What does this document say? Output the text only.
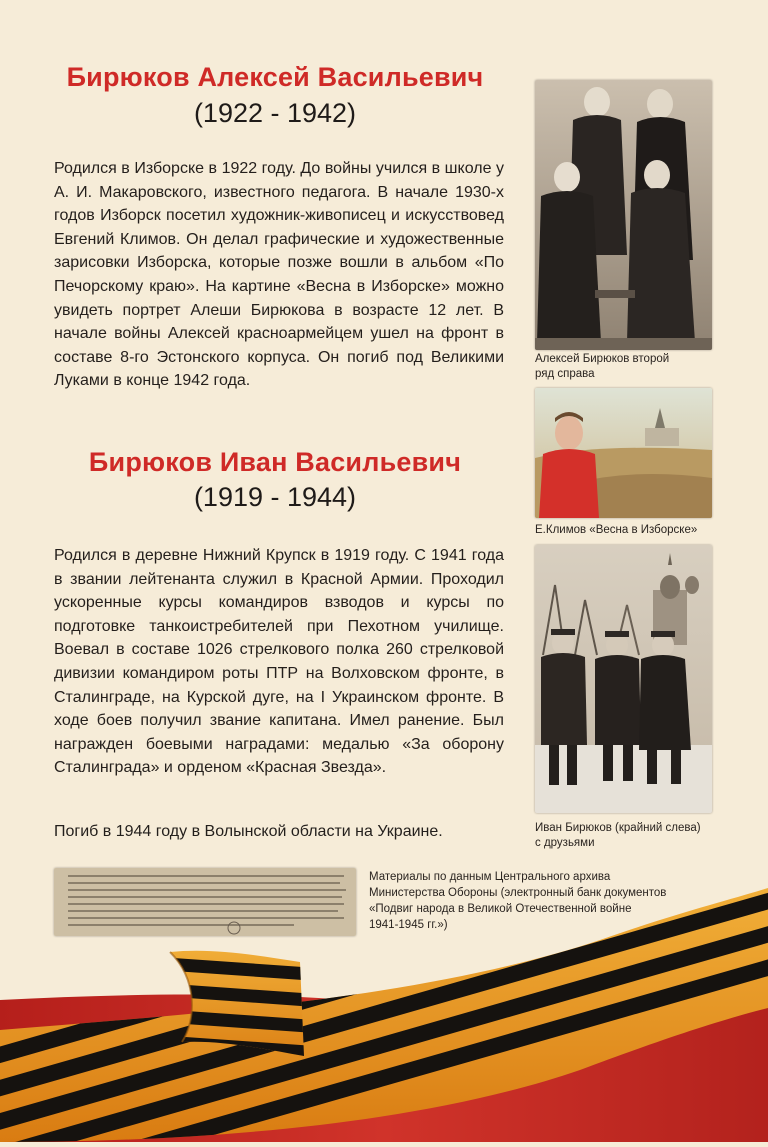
Бирюков Алексей Васильевич
(1922 - 1942)

Родился в Изборске в 1922 году. До войны учился в школе у А. И. Макаровского, известного педагога. В начале 1930-х годов Изборск посетил художник-живописец и искусствовед Евгений Климов. Он делал графические и художественные зарисовки Изборска, которые позже вошли в альбом «По Печорскому краю». На картине «Весна в Изборске» можно увидеть портрет Алеши Бирюкова в возрасте 12 лет. В начале войны Алексей красноармейцем ушел на фронт в составе 8-го Эстонского корпуса. Он погиб под Великими Луками в конце 1942 года.

Бирюков Иван Васильевич
(1919 - 1944)

Родился в деревне Нижний Крупск в 1919 году. С 1941 года в звании лейтенанта служил в Красной Армии. Проходил ускоренные курсы командиров взводов и курсы по подготовке танкоистребителей при Пехотном училище. Воевал в составе 1026 стрелкового полка 260 стрелковой дивизии командиром роты ПТР на Волховском фронте, в Сталинграде, на Курской дуге, на I Украинском фронте. В ходе боев получил звание капитана. Имел ранение. Был награжден боевыми наградами: медалью «За оборону Сталинграда» и орденом «Красная Звезда».

Погиб в 1944 году в Волынской области на Украине.
Алексей Бирюков второй
ряд справа
Е.Климов «Весна в Изборске»
Иван Бирюков (крайний слева)
с друзьями
Материалы по данным Центрального архива
Министерства Обороны (электронный банк документов
«Подвиг народа в Великой Отечественной войне
1941-1945 гг.»)
